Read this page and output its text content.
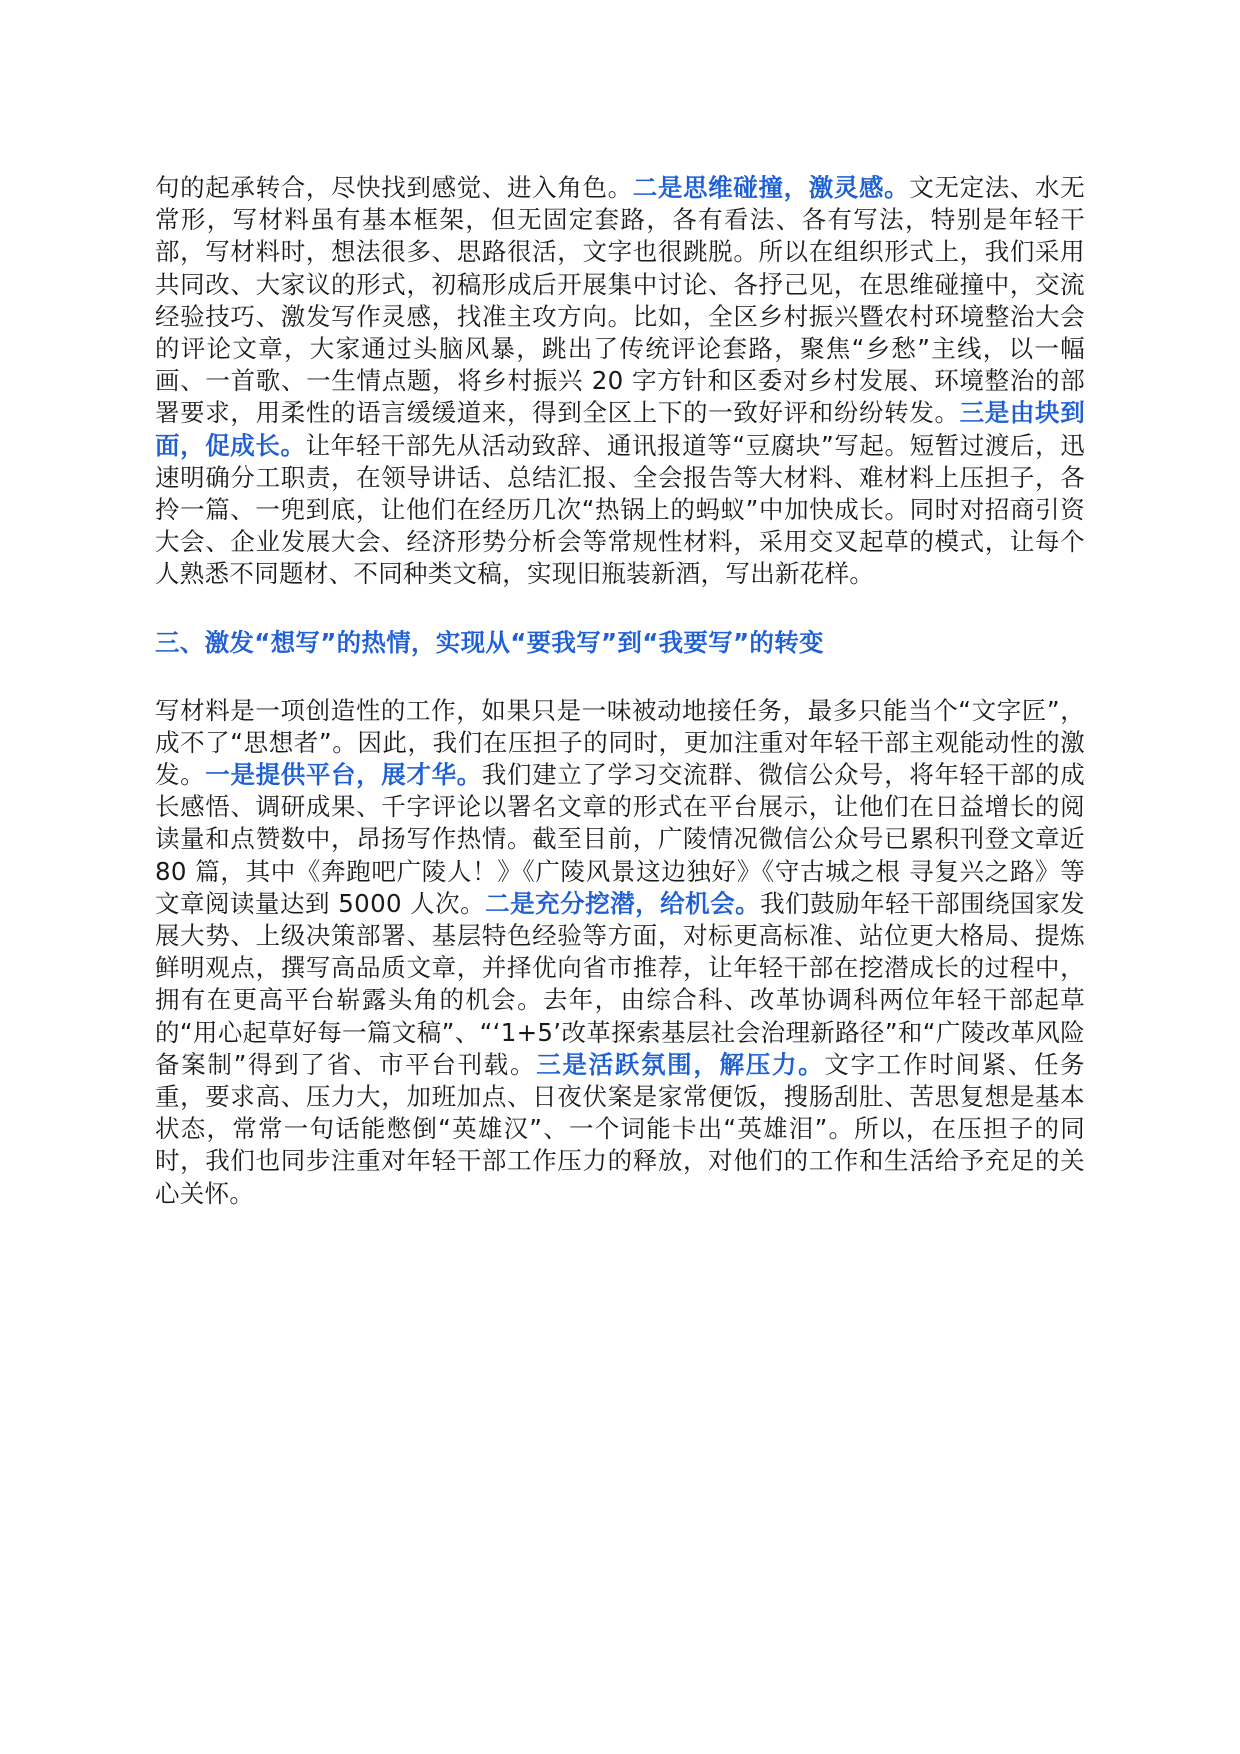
句的起承转合，尽快找到感觉、进入角色。二是思维碰撞，激灵感。文无定法、水无常形，写材料虽有基本框架，但无固定套路，各有看法、各有写法，特别是年轻干部，写材料时，想法很多、思路很活，文字也很跳脱。所以在组织形式上，我们采用共同改、大家议的形式，初稿形成后开展集中讨论、各抒己见，在思维碰撞中，交流经验技巧、激发写作灵感，找准主攻方向。比如，全区乡村振兴暨农村环境整治大会的评论文章，大家通过头脑风暴，跳出了传统评论套路，聚焦“乡愁”主线，以一幅画、一首歌、一生情点题，将乡村振兴 20 字方针和区委对乡村发展、环境整治的部署要求，用柔性的语言缓缓道来，得到全区上下的一致好评和纷纷转发。三是由块到面，促成长。让年轻干部先从活动致辞、通讯报道等“豆腐块”写起。短暂过渡后，迅速明确分工职责，在领导讲话、总结汇报、全会报告等大材料、难材料上压担子，各拎一篇、一兜到底，让他们在经历几次“热锅上的蚂蚁”中加快成长。同时对招商引资大会、企业发展大会、经济形势分析会等常规性材料，采用交叉起草的模式，让每个人熟悉不同题材、不同种类文稿，实现旧瓶装新酒，写出新花样。

三、激发“想写”的热情，实现从“要我写”到“我要写”的转变

写材料是一项创造性的工作，如果只是一味被动地接任务，最多只能当个“文字匠”，成不了“思想者”。因此，我们在压担子的同时，更加注重对年轻干部主观能动性的激发。一是提供平台，展才华。我们建立了学习交流群、微信公众号，将年轻干部的成长感悟、调研成果、千字评论以署名文章的形式在平台展示，让他们在日益增长的阅读量和点赞数中，昂扬写作热情。截至目前，广陵情况微信公众号已累积刊登文章近 80 篇，其中《奔跑吧广陵人！》《广陵风景这边独好》《守古城之根 寻复兴之路》等文章阅读量达到 5000 人次。二是充分挖潜，给机会。我们鼓励年轻干部围绕国家发展大势、上级决策部署、基层特色经验等方面，对标更高标准、站位更大格局、提炼鲜明观点，撰写高品质文章，并择优向省市推荐，让年轻干部在挖潜成长的过程中，拥有在更高平台崭露头角的机会。去年，由综合科、改革协调科两位年轻干部起草的“用心起草好每一篇文稿”、“‘1+5’改革探索基层社会治理新路径”和“广陵改革风险备案制”得到了省、市平台刊载。三是活跃氛围，解压力。文字工作时间紧、任务重，要求高、压力大，加班加点、日夜伏案是家常便饭，搜肠刮肚、苦思复想是基本状态，常常一句话能憋倒“英雄汉”、一个词能卡出“英雄泪”。所以，在压担子的同时，我们也同步注重对年轻干部工作压力的释放，对他们的工作和生活给予充足的关心关怀。
